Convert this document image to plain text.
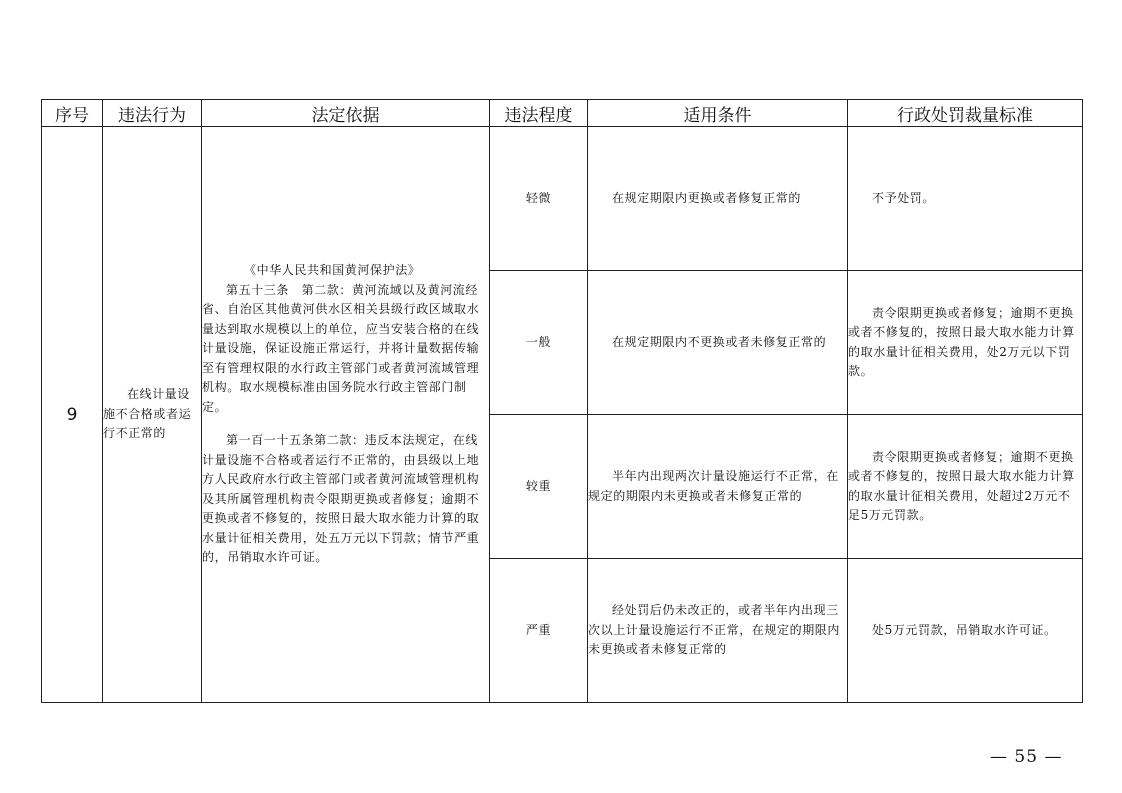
序号	违法行为	法定依据	违法程度	适用条件	行政处罚裁量标准
9	在线计量设施不合格或者运行不正常的	《中华人民共和国黄河保护法》

第五十三条　第二款：黄河流域以及黄河流经省、自治区其他黄河供水区相关县级行政区域取水量达到取水规模以上的单位，应当安装合格的在线计量设施，保证设施正常运行，并将计量数据传输至有管理权限的水行政主管部门或者黄河流域管理机构。取水规模标准由国务院水行政主管部门制定。

第一百一十五条第二款：违反本法规定，在线计量设施不合格或者运行不正常的，由县级以上地方人民政府水行政主管部门或者黄河流域管理机构及其所属管理机构责令限期更换或者修复；逾期不更换或者不修复的，按照日最大取水能力计算的取水量计征相关费用，处五万元以下罚款；情节严重的，吊销取水许可证。	轻微	在规定期限内更换或者修复正常的	不予处罚。

			一般	在规定期限内不更换或者未修复正常的	责令限期更换或者修复；逾期不更换或者不修复的，按照日最大取水能力计算的取水量计征相关费用，处2万元以下罚款。

			较重	半年内出现两次计量设施运行不正常，在规定的期限内未更换或者未修复正常的	责令限期更换或者修复；逾期不更换或者不修复的，按照日最大取水能力计算的取水量计征相关费用，处超过2万元不足5万元罚款。

			严重	经处罚后仍未改正的，或者半年内出现三次以上计量设施运行不正常，在规定的期限内未更换或者未修复正常的	处5万元罚款，吊销取水许可证。

— 55 —
